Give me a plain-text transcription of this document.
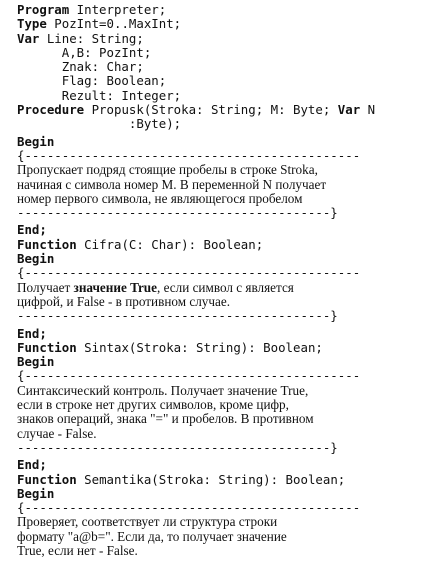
Program Interpreter;
Type PozInt=0..MaxInt;
Var Line: String;
A,B: PozInt;
Znak: Char;
Flag: Boolean;
Rezult: Integer;
Procedure Propusk(Stroka: String; M: Byte; Var N
:Byte);
Begin
{---------------------------------------------
Пропускает подряд стоящие пробелы в строке Stroka,
начиная с символа номер M. В переменной N получает
номер первого символа, не являющегося пробелом
------------------------------------------}
End;
Function Cifra(C: Char): Boolean;
Begin
{---------------------------------------------
Получает значение True, если символ с является
цифрой, и False - в противном случае.
------------------------------------------}
End;
Function Sintax(Stroka: String): Boolean;
Begin
{---------------------------------------------
Синтаксический контроль. Получает значение True,
если в строке нет других символов, кроме цифр,
знаков операций, знака "=" и пробелов. В противном
случае - False.
------------------------------------------}
End;
Function Semantika(Stroka: String): Boolean;
Begin
{---------------------------------------------
Проверяет, соответствует ли структура строки
формату "a@b=". Если да, то получает значение
True, если нет - False.
